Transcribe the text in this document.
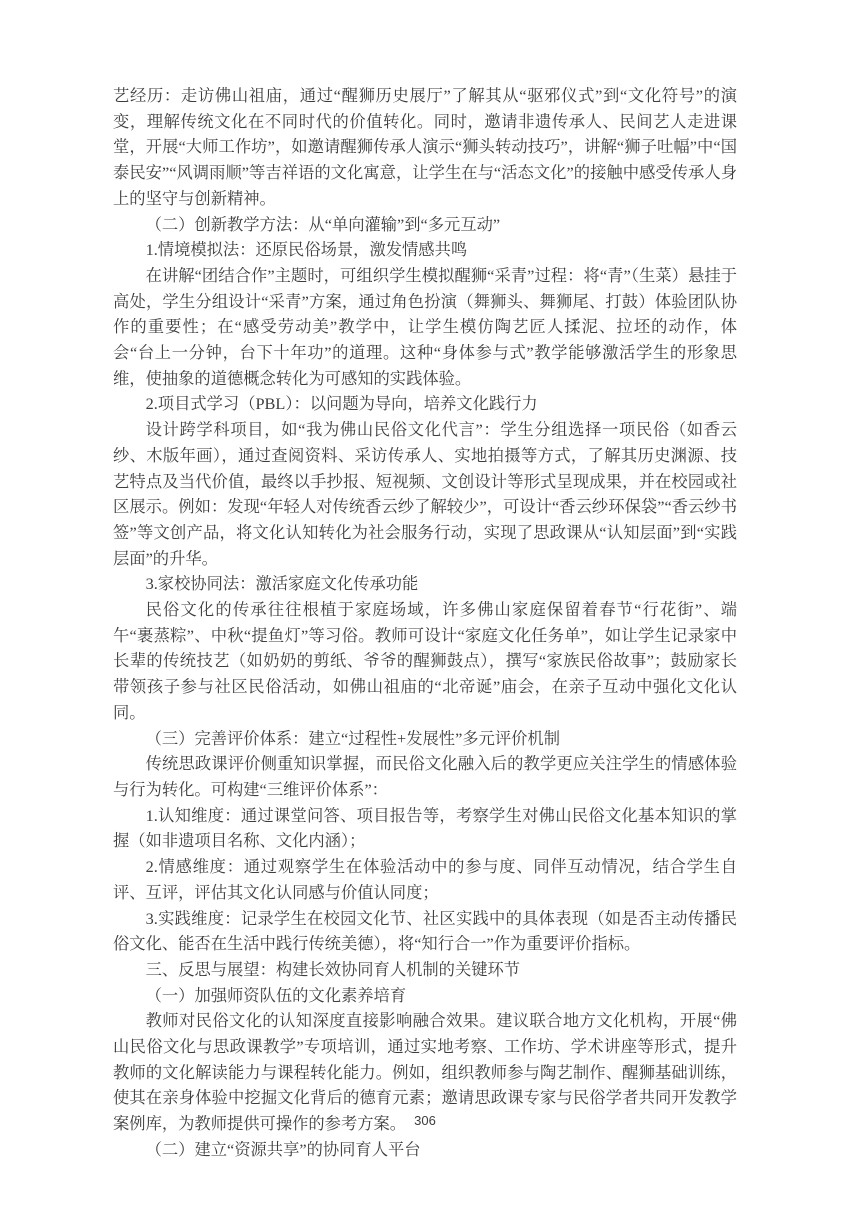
艺经历：走访佛山祖庙，通过“醒狮历史展厅”了解其从“驱邪仪式”到“文化符号”的演变，理解传统文化在不同时代的价值转化。同时，邀请非遗传承人、民间艺人走进课堂，开展“大师工作坊”，如邀请醒狮传承人演示“狮头转动技巧”，讲解“狮子吐幅”中“国泰民安”“风调雨顺”等吉祥语的文化寓意，让学生在与“活态文化”的接触中感受传承人身上的坚守与创新精神。

（二）创新教学方法：从“单向灌输”到“多元互动”

1.情境模拟法：还原民俗场景，激发情感共鸣

在讲解“团结合作”主题时，可组织学生模拟醒狮“采青”过程：将“青”（生菜）悬挂于高处，学生分组设计“采青”方案，通过角色扮演（舞狮头、舞狮尾、打鼓）体验团队协作的重要性；在“感受劳动美”教学中，让学生模仿陶艺匠人揉泥、拉坯的动作，体会“台上一分钟，台下十年功”的道理。这种“身体参与式”教学能够激活学生的形象思维，使抽象的道德概念转化为可感知的实践体验。

2.项目式学习（PBL）：以问题为导向，培养文化践行力

设计跨学科项目，如“我为佛山民俗文化代言”：学生分组选择一项民俗（如香云纱、木版年画），通过查阅资料、采访传承人、实地拍摄等方式，了解其历史渊源、技艺特点及当代价值，最终以手抄报、短视频、文创设计等形式呈现成果，并在校园或社区展示。例如：发现“年轻人对传统香云纱了解较少”，可设计“香云纱环保袋”“香云纱书签”等文创产品，将文化认知转化为社会服务行动，实现了思政课从“认知层面”到“实践层面”的升华。

3.家校协同法：激活家庭文化传承功能

民俗文化的传承往往根植于家庭场域，许多佛山家庭保留着春节“行花街”、端午“裹蒸粽”、中秋“提鱼灯”等习俗。教师可设计“家庭文化任务单”，如让学生记录家中长辈的传统技艺（如奶奶的剪纸、爷爷的醒狮鼓点），撰写“家族民俗故事”；鼓励家长带领孩子参与社区民俗活动，如佛山祖庙的“北帝诞”庙会，在亲子互动中强化文化认同。

（三）完善评价体系：建立“过程性+发展性”多元评价机制

传统思政课评价侧重知识掌握，而民俗文化融入后的教学更应关注学生的情感体验与行为转化。可构建“三维评价体系”：

1.认知维度：通过课堂问答、项目报告等，考察学生对佛山民俗文化基本知识的掌握（如非遗项目名称、文化内涵）；

2.情感维度：通过观察学生在体验活动中的参与度、同伴互动情况，结合学生自评、互评，评估其文化认同感与价值认同度；

3.实践维度：记录学生在校园文化节、社区实践中的具体表现（如是否主动传播民俗文化、能否在生活中践行传统美德），将“知行合一”作为重要评价指标。

三、反思与展望：构建长效协同育人机制的关键环节

（一）加强师资队伍的文化素养培育

教师对民俗文化的认知深度直接影响融合效果。建议联合地方文化机构，开展“佛山民俗文化与思政课教学”专项培训，通过实地考察、工作坊、学术讲座等形式，提升教师的文化解读能力与课程转化能力。例如，组织教师参与陶艺制作、醒狮基础训练，使其在亲身体验中挖掘文化背后的德育元素；邀请思政课专家与民俗学者共同开发教学案例库，为教师提供可操作的参考方案。

（二）建立“资源共享”的协同育人平台

306
